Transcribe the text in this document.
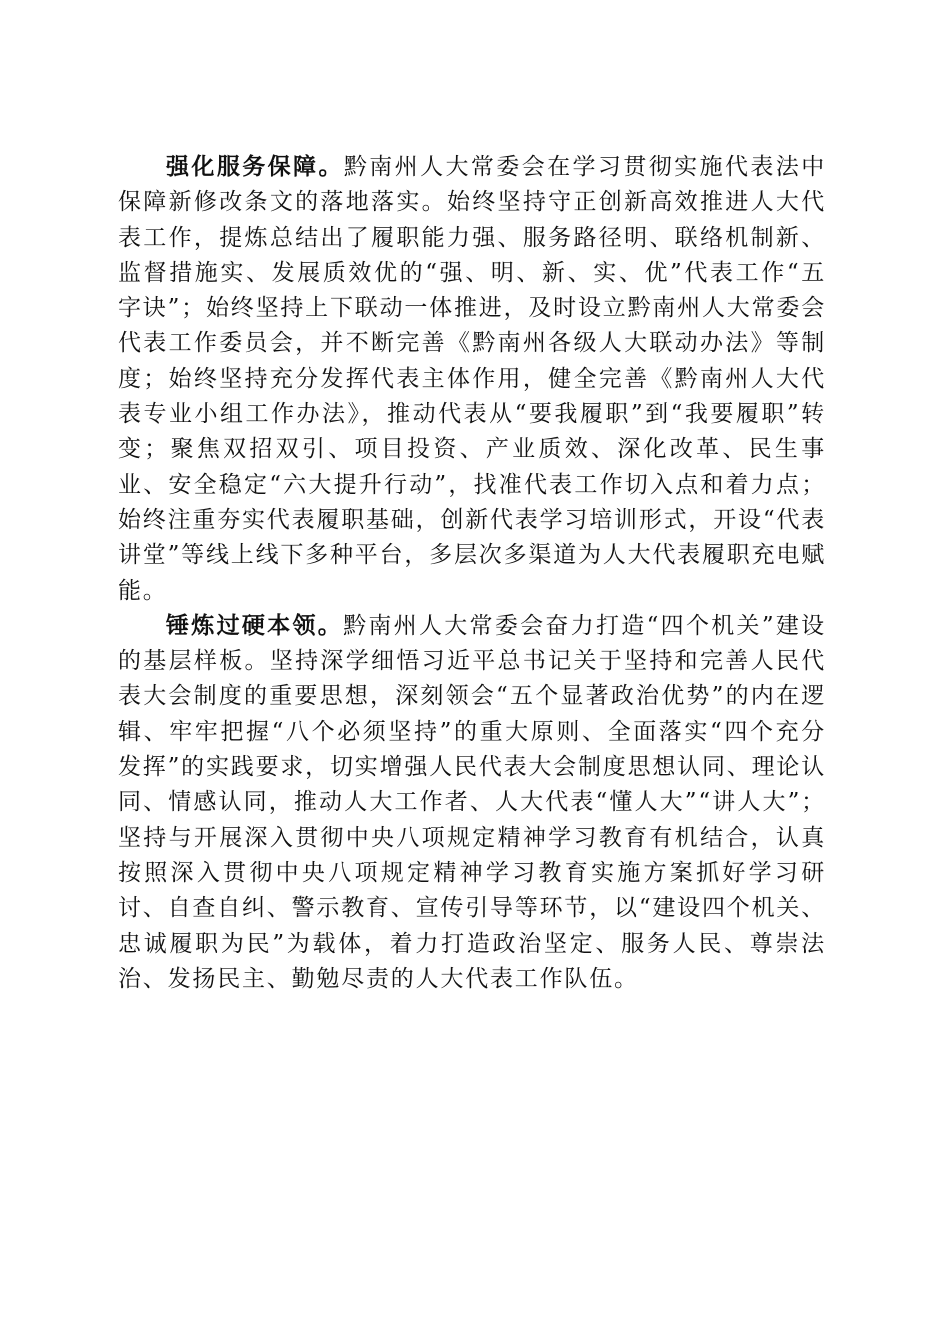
强化服务保障。黔南州人大常委会在学习贯彻实施代表法中保障新修改条文的落地落实。始终坚持守正创新高效推进人大代表工作，提炼总结出了履职能力强、服务路径明、联络机制新、监督措施实、发展质效优的“强、明、新、实、优”代表工作“五字诀”；始终坚持上下联动一体推进，及时设立黔南州人大常委会代表工作委员会，并不断完善《黔南州各级人大联动办法》等制度；始终坚持充分发挥代表主体作用，健全完善《黔南州人大代表专业小组工作办法》，推动代表从“要我履职”到“我要履职”转变；聚焦双招双引、项目投资、产业质效、深化改革、民生事业、安全稳定“六大提升行动”，找准代表工作切入点和着力点；始终注重夯实代表履职基础，创新代表学习培训形式，开设“代表讲堂”等线上线下多种平台，多层次多渠道为人大代表履职充电赋能。

锤炼过硬本领。黔南州人大常委会奋力打造“四个机关”建设的基层样板。坚持深学细悟习近平总书记关于坚持和完善人民代表大会制度的重要思想，深刻领会“五个显著政治优势”的内在逻辑、牢牢把握“八个必须坚持”的重大原则、全面落实“四个充分发挥”的实践要求，切实增强人民代表大会制度思想认同、理论认同、情感认同，推动人大工作者、人大代表“懂人大”“讲人大”；坚持与开展深入贯彻中央八项规定精神学习教育有机结合，认真按照深入贯彻中央八项规定精神学习教育实施方案抓好学习研讨、自查自纠、警示教育、宣传引导等环节，以“建设四个机关、忠诚履职为民”为载体，着力打造政治坚定、服务人民、尊崇法治、发扬民主、勤勉尽责的人大代表工作队伍。
